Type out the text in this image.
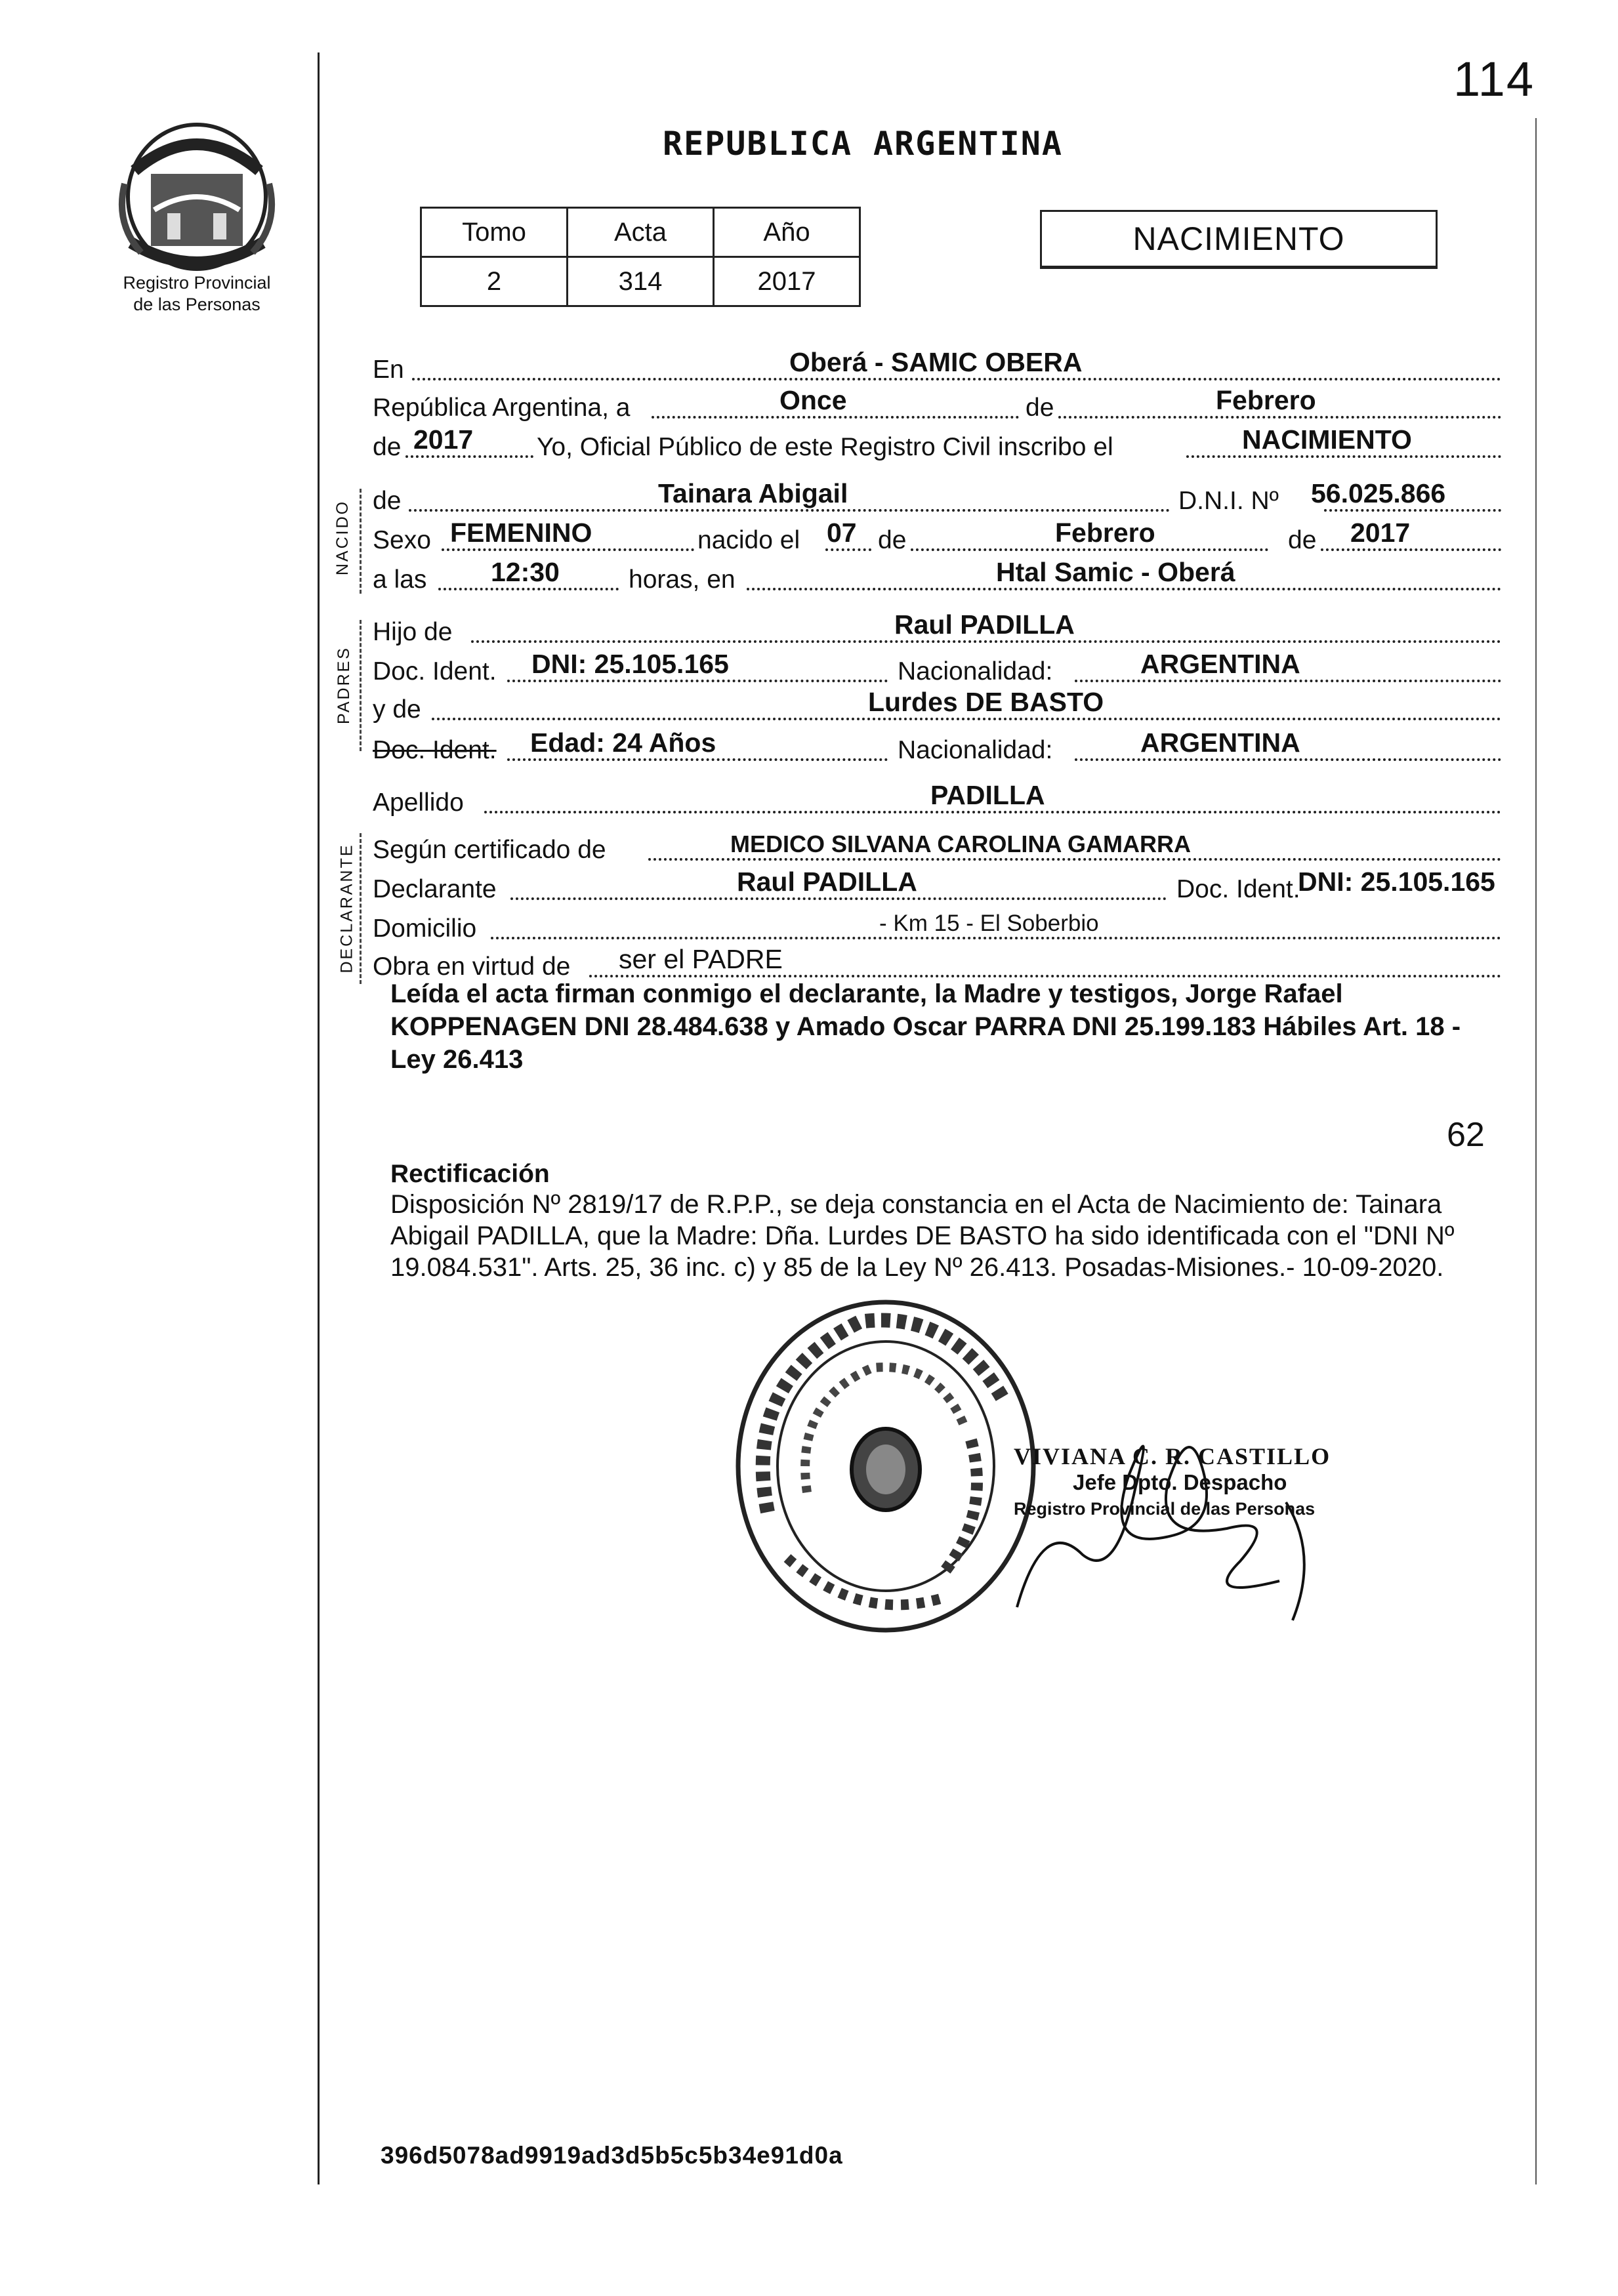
114
Registro Provincial
de las Personas
REPUBLICA ARGENTINA
Tomo	Acta	Año
2	314	2017
NACIMIENTO
En	Oberá - SAMIC OBERA
República Argentina, a	Once	de	Febrero
de 2017 Yo, Oficial Público de este Registro Civil inscribo el	NACIMIENTO
NACIDO de	Tainara Abigail	D.N.I. Nº 56.025.866
Sexo FEMENINO	nacido el 07 de	Febrero	de 2017
a las 12:30	horas, en	Htal Samic - Oberá
PADRES
Hijo de	Raul PADILLA
Doc. Ident. DNI: 25.105.165	Nacionalidad:	ARGENTINA
y de	Lurdes DE BASTO
Doc. Ident. Edad: 24 Años	Nacionalidad:	ARGENTINA
Apellido	PADILLA
DECLARANTE Según certificado de	MEDICO SILVANA CAROLINA GAMARRA
Declarante	Raul PADILLA	Doc. Ident.
DNI: 25.105.165
Domicilio	- Km 15 - El Soberbio
Obra en virtud de ser el PADRE
Leída el acta firman conmigo el declarante, la Madre y testigos, Jorge Rafael KOPPENAGEN DNI 28.484.638 y Amado Oscar PARRA DNI 25.199.183 Hábiles Art. 18 - Ley 26.413
62
Rectificación
Disposición Nº 2819/17 de R.P.P., se deja constancia en el Acta de Nacimiento de: Tainara Abigail PADILLA, que la Madre: Dña. Lurdes DE BASTO ha sido identificada con el "DNI Nº 19.084.531". Arts. 25, 36 inc. c) y 85 de la Ley Nº 26.413. Posadas-Misiones.- 10-09-2020.
VIVIANA C. R. CASTILLO
Jefe Dpto. Despacho
Registro Provincial de las Personas
396d5078ad9919ad3d5b5c5b34e91d0a
